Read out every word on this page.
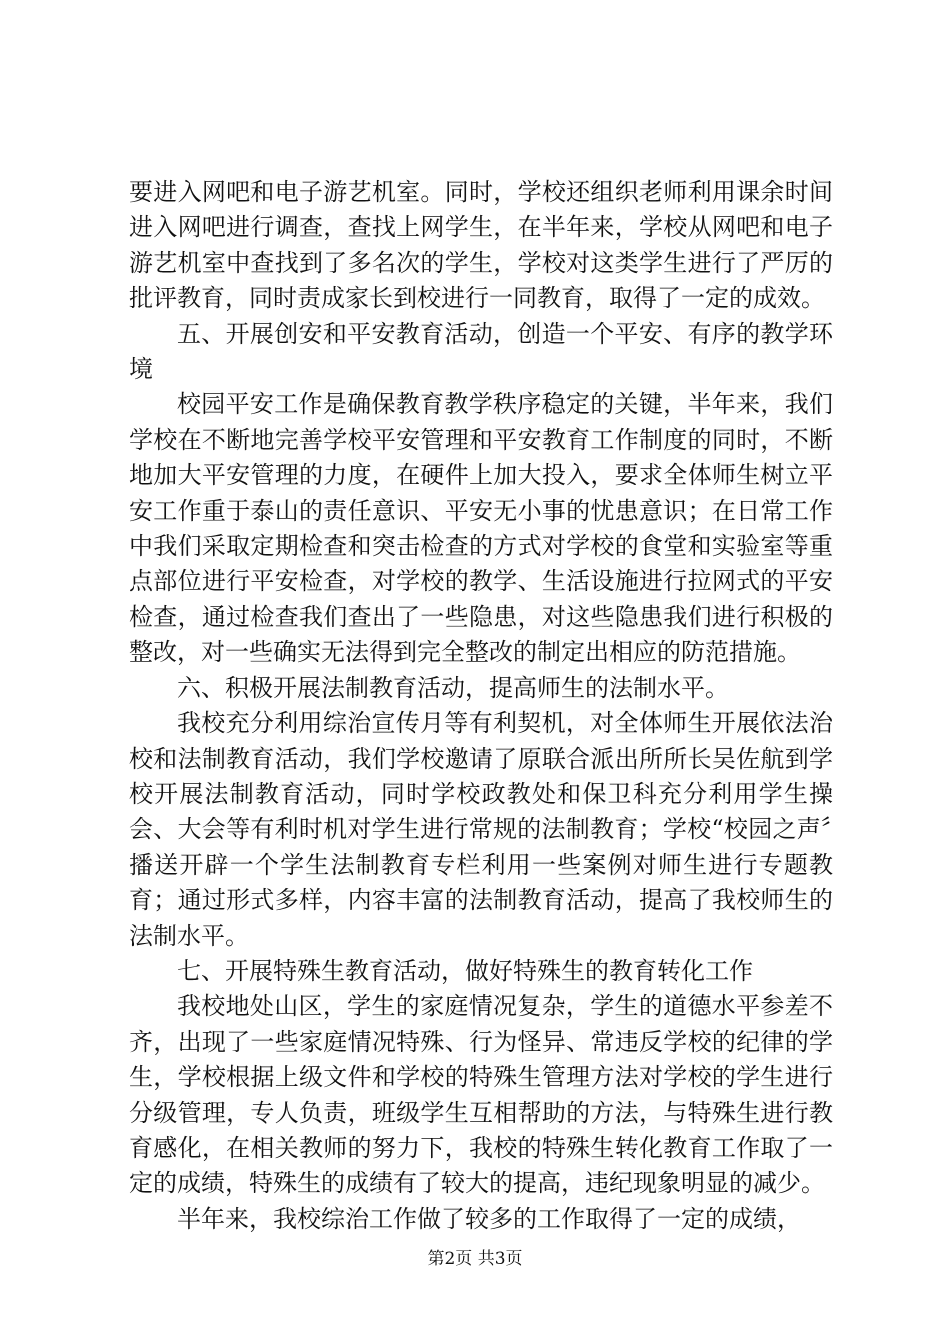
要进入网吧和电子游艺机室。同时，学校还组织老师利用课余时间进入网吧进行调查，查找上网学生，在半年来，学校从网吧和电子游艺机室中查找到了多名次的学生，学校对这类学生进行了严厉的批评教育，同时责成家长到校进行一同教育，取得了一定的成效。

五、开展创安和平安教育活动，创造一个平安、有序的教学环境

校园平安工作是确保教育教学秩序稳定的关键，半年来，我们学校在不断地完善学校平安管理和平安教育工作制度的同时，不断地加大平安管理的力度，在硬件上加大投入，要求全体师生树立平安工作重于泰山的责任意识、平安无小事的忧患意识；在日常工作中我们采取定期检查和突击检查的方式对学校的食堂和实验室等重点部位进行平安检查，对学校的教学、生活设施进行拉网式的平安检查，通过检查我们查出了一些隐患，对这些隐患我们进行积极的整改，对一些确实无法得到完全整改的制定出相应的防范措施。

六、积极开展法制教育活动，提高师生的法制水平。

我校充分利用综治宣传月等有利契机，对全体师生开展依法治校和法制教育活动，我们学校邀请了原联合派出所所长吴佐航到学校开展法制教育活动，同时学校政教处和保卫科充分利用学生操会、大会等有利时机对学生进行常规的法制教育；学校“校园之声〞播送开辟一个学生法制教育专栏利用一些案例对师生进行专题教育；通过形式多样，内容丰富的法制教育活动，提高了我校师生的法制水平。

七、开展特殊生教育活动，做好特殊生的教育转化工作

我校地处山区，学生的家庭情况复杂，学生的道德水平参差不齐，出现了一些家庭情况特殊、行为怪异、常违反学校的纪律的学生，学校根据上级文件和学校的特殊生管理方法对学校的学生进行分级管理，专人负责，班级学生互相帮助的方法，与特殊生进行教育感化，在相关教师的努力下，我校的特殊生转化教育工作取了一定的成绩，特殊生的成绩有了较大的提高，违纪现象明显的减少。

半年来，我校综治工作做了较多的工作取得了一定的成绩，

第2页 共3页
